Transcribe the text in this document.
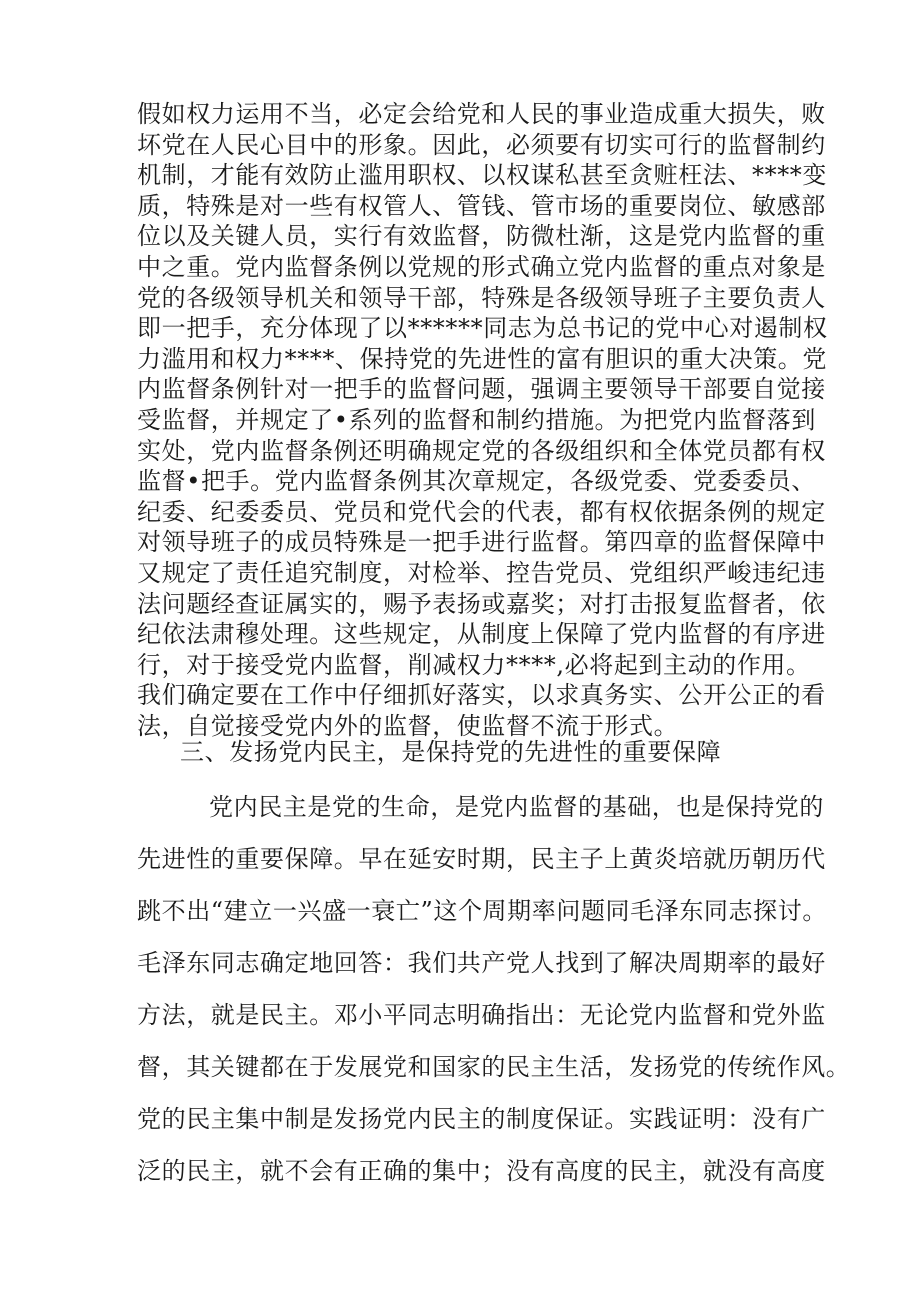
假如权力运用不当，必定会给党和人民的事业造成重大损失，败
坏党在人民心目中的形象。因此，必须要有切实可行的监督制约
机制，才能有效防止滥用职权、以权谋私甚至贪赃枉法、****变
质，特殊是对一些有权管人、管钱、管市场的重要岗位、敏感部
位以及关键人员，实行有效监督，防微杜渐，这是党内监督的重
中之重。党内监督条例以党规的形式确立党内监督的重点对象是
党的各级领导机关和领导干部，特殊是各级领导班子主要负责人
即一把手，充分体现了以******同志为总书记的党中心对遏制权
力滥用和权力****、保持党的先进性的富有胆识的重大决策。党
内监督条例针对一把手的监督问题，强调主要领导干部要自觉接
受监督，并规定了•系列的监督和制约措施。为把党内监督落到
实处，党内监督条例还明确规定党的各级组织和全体党员都有权
监督•把手。党内监督条例其次章规定，各级党委、党委委员、
纪委、纪委委员、党员和党代会的代表，都有权依据条例的规定
对领导班子的成员特殊是一把手进行监督。第四章的监督保障中
又规定了责任追究制度，对检举、控告党员、党组织严峻违纪违
法问题经查证属实的，赐予表扬或嘉奖；对打击报复监督者，依
纪依法肃穆处理。这些规定，从制度上保障了党内监督的有序进
行，对于接受党内监督，削减权力****,必将起到主动的作用。
我们确定要在工作中仔细抓好落实，以求真务实、公开公正的看
法，自觉接受党内外的监督，使监督不流于形式。
三、发扬党内民主，是保持党的先进性的重要保障
党内民主是党的生命，是党内监督的基础，也是保持党的
先进性的重要保障。早在延安时期，民主子上黄炎培就历朝历代
跳不出“建立一兴盛一衰亡”这个周期率问题同毛泽东同志探讨。
毛泽东同志确定地回答：我们共产党人找到了解决周期率的最好
方法，就是民主。邓小平同志明确指出：无论党内监督和党外监
督，其关键都在于发展党和国家的民主生活，发扬党的传统作风。
党的民主集中制是发扬党内民主的制度保证。实践证明：没有广
泛的民主，就不会有正确的集中；没有高度的民主，就没有高度
